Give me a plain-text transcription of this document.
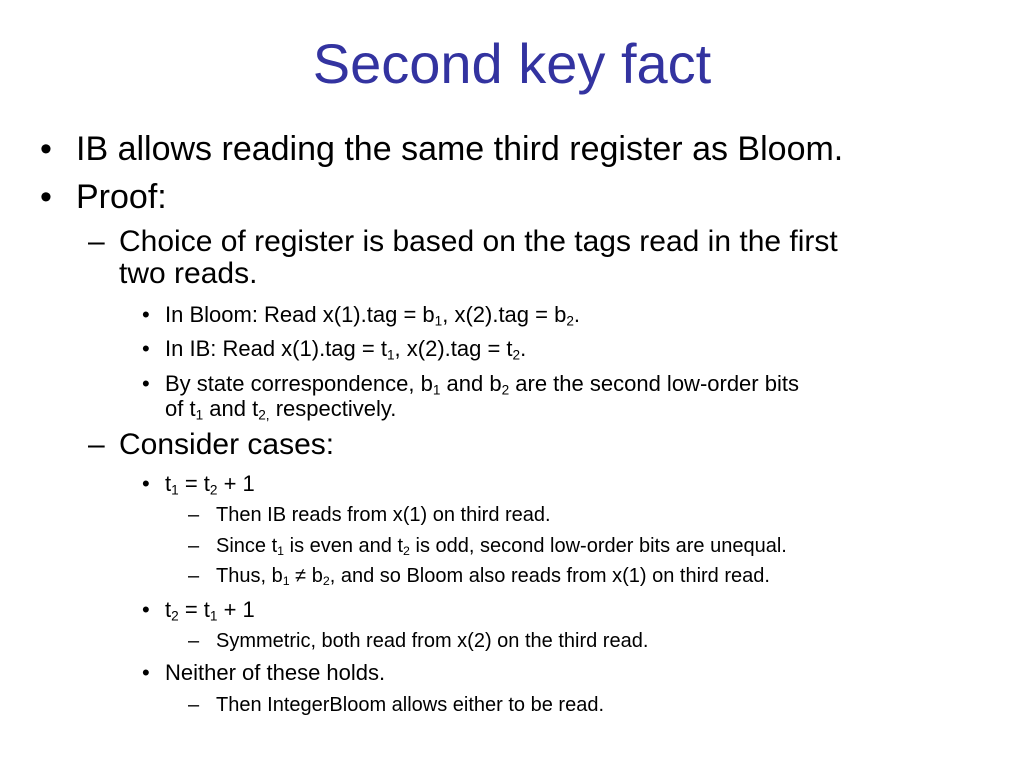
Second key fact
• IB allows reading the same third register as Bloom.
• Proof:
– Choice of register is based on the tags read in the first
two reads.
• In Bloom: Read $x(1).tag = b_1$, $x(2).tag = b_2$.
• In IB: Read $x(1).tag = t_1$, $x(2).tag = t_2$.
• By state correspondence, $b_1$ and $b_2$ are the second low-order bits
of $t_1$ and $t_{2,}$ respectively.
– Consider cases:
• $t_1 = t_2 + 1$
– Then IB reads from x(1) on third read.
– Since $t_1$ is even and $t_2$ is odd, second low-order bits are unequal.
– Thus, $b_1 \ne b_2$, and so Bloom also reads from x(1) on third read.
• $t_2 = t_1 + 1$
– Symmetric, both read from x(2) on the third read.
• Neither of these holds.
– Then IntegerBloom allows either to be read.
